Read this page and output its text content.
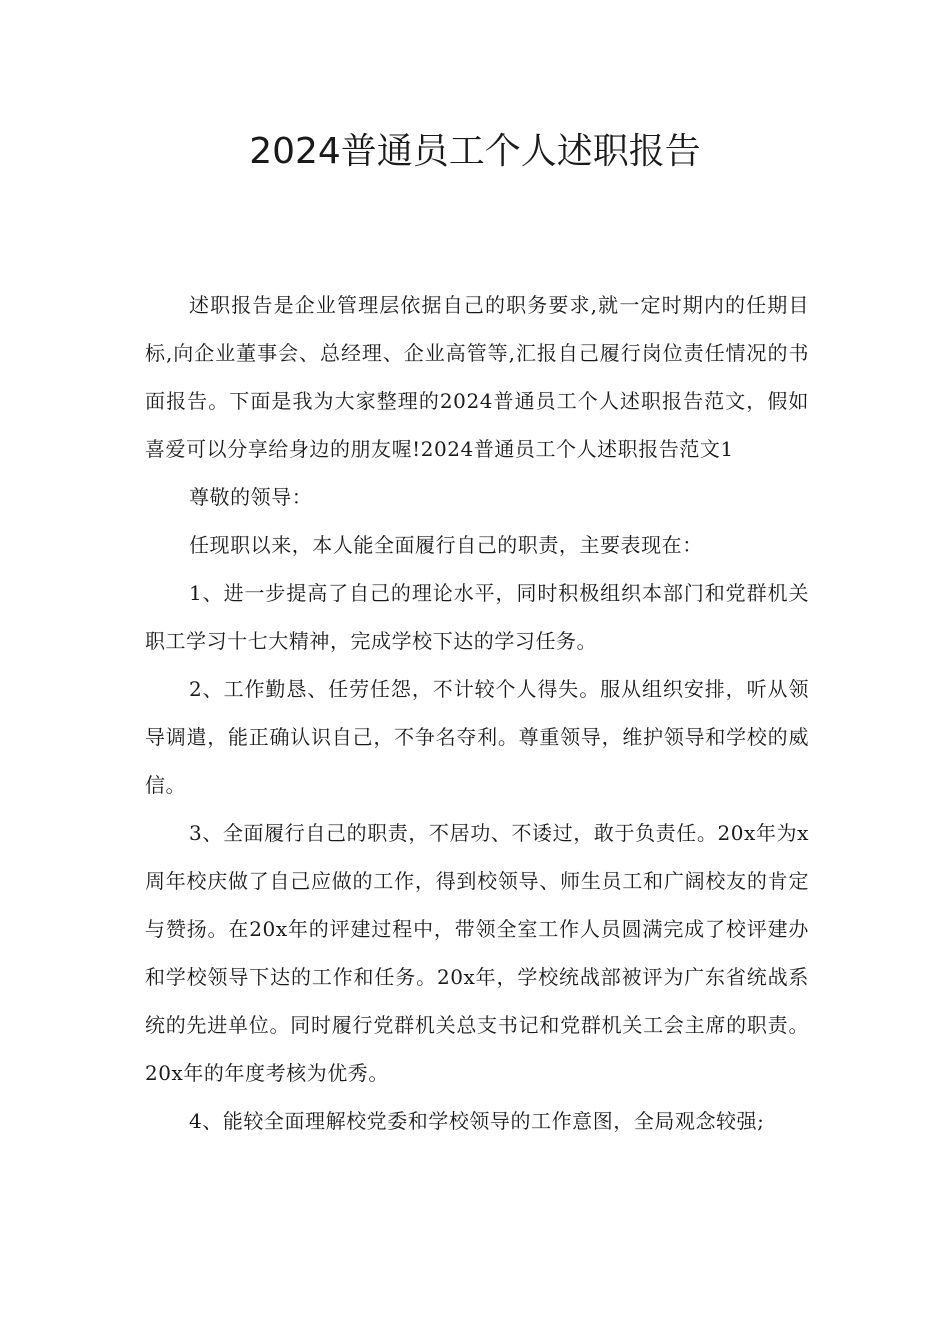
2024普通员工个人述职报告

述职报告是企业管理层依据自己的职务要求,就一定时期内的任期目标,向企业董事会、总经理、企业高管等,汇报自己履行岗位责任情况的书面报告。下面是我为大家整理的2024普通员工个人述职报告范文，假如喜爱可以分享给身边的朋友喔!2024普通员工个人述职报告范文1

尊敬的领导：

任现职以来，本人能全面履行自己的职责，主要表现在：

1、进一步提高了自己的理论水平，同时积极组织本部门和党群机关职工学习十七大精神，完成学校下达的学习任务。

2、工作勤恳、任劳任怨，不计较个人得失。服从组织安排，听从领导调遣，能正确认识自己，不争名夺利。尊重领导，维护领导和学校的威信。

3、全面履行自己的职责，不居功、不诿过，敢于负责任。20x年为x周年校庆做了自己应做的工作，得到校领导、师生员工和广阔校友的肯定与赞扬。在20x年的评建过程中，带领全室工作人员圆满完成了校评建办和学校领导下达的工作和任务。20x年，学校统战部被评为广东省统战系统的先进单位。同时履行党群机关总支书记和党群机关工会主席的职责。20x年的年度考核为优秀。

4、能较全面理解校党委和学校领导的工作意图，全局观念较强;
